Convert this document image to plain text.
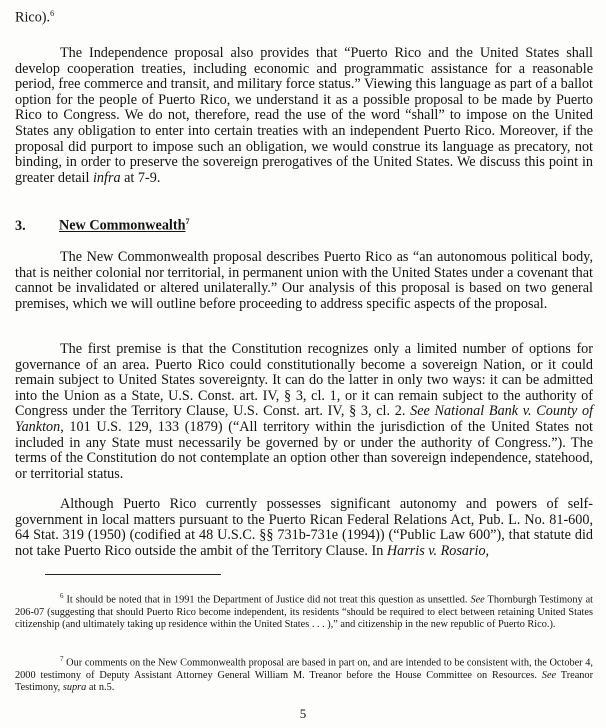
Rico).$^6$

The Independence proposal also provides that “Puerto Rico and the United States shall develop cooperation treaties, including economic and programmatic assistance for a reasonable period, free commerce and transit, and military force status.” Viewing this language as part of a ballot option for the people of Puerto Rico, we understand it as a possible proposal to be made by Puerto Rico to Congress. We do not, therefore, read the use of the word “shall” to impose on the United States any obligation to enter into certain treaties with an independent Puerto Rico. Moreover, if the proposal did purport to impose such an obligation, we would construe its language as precatory, not binding, in order to preserve the sovereign prerogatives of the United States. We discuss this point in greater detail infra at 7-9.

3. New Commonwealth$^7$

The New Commonwealth proposal describes Puerto Rico as “an autonomous political body, that is neither colonial nor territorial, in permanent union with the United States under a covenant that cannot be invalidated or altered unilaterally.” Our analysis of this proposal is based on two general premises, which we will outline before proceeding to address specific aspects of the proposal.

The first premise is that the Constitution recognizes only a limited number of options for governance of an area. Puerto Rico could constitutionally become a sovereign Nation, or it could remain subject to United States sovereignty. It can do the latter in only two ways: it can be admitted into the Union as a State, U.S. Const. art. IV, § 3, cl. 1, or it can remain subject to the authority of Congress under the Territory Clause, U.S. Const. art. IV, § 3, cl. 2. See National Bank v. County of Yankton, 101 U.S. 129, 133 (1879) (“All territory within the jurisdiction of the United States not included in any State must necessarily be governed by or under the authority of Congress.”). The terms of the Constitution do not contemplate an option other than sovereign independence, statehood, or territorial status.

Although Puerto Rico currently possesses significant autonomy and powers of self-government in local matters pursuant to the Puerto Rican Federal Relations Act, Pub. L. No. 81-600, 64 Stat. 319 (1950) (codified at 48 U.S.C. §§ 731b-731e (1994)) (“Public Law 600”), that statute did not take Puerto Rico outside the ambit of the Territory Clause. In Harris v. Rosario,

$^6$ It should be noted that in 1991 the Department of Justice did not treat this question as unsettled. See Thornburgh Testimony at 206-07 (suggesting that should Puerto Rico become independent, its residents “should be required to elect between retaining United States citizenship (and ultimately taking up residence within the United States . . . ),” and citizenship in the new republic of Puerto Rico.).

$^7$ Our comments on the New Commonwealth proposal are based in part on, and are intended to be consistent with, the October 4, 2000 testimony of Deputy Assistant Attorney General William M. Treanor before the House Committee on Resources. See Treanor Testimony, supra at n.5.

5
